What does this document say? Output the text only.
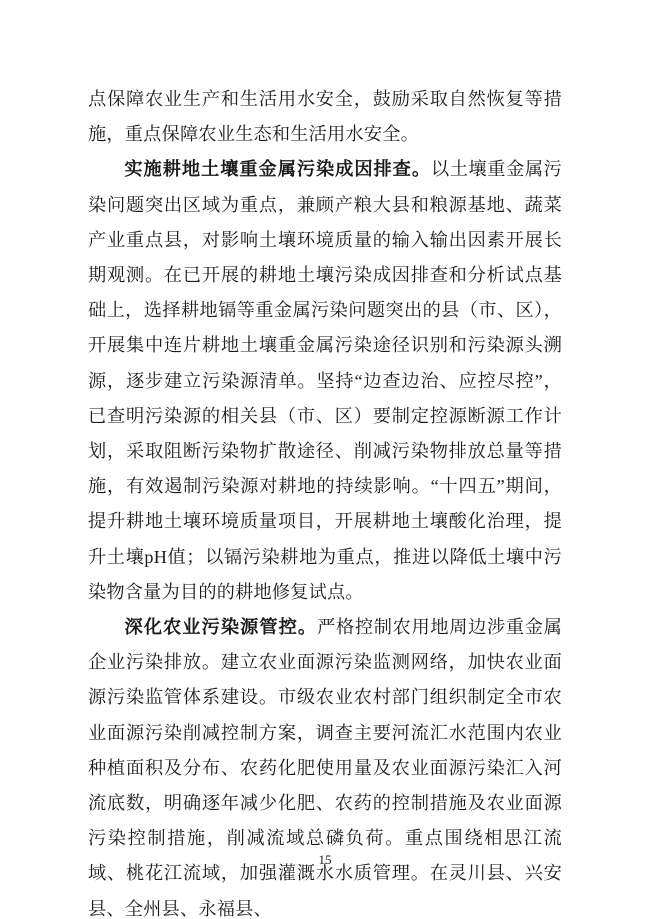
点保障农业生产和生活用水安全，鼓励采取自然恢复等措施，重点保障农业生态和生活用水安全。

实施耕地土壤重金属污染成因排查。以土壤重金属污染问题突出区域为重点，兼顾产粮大县和粮源基地、蔬菜产业重点县，对影响土壤环境质量的输入输出因素开展长期观测。在已开展的耕地土壤污染成因排查和分析试点基础上，选择耕地镉等重金属污染问题突出的县（市、区），开展集中连片耕地土壤重金属污染途径识别和污染源头溯源，逐步建立污染源清单。坚持“边查边治、应控尽控”，已查明污染源的相关县（市、区）要制定控源断源工作计划，采取阻断污染物扩散途径、削减污染物排放总量等措施，有效遏制污染源对耕地的持续影响。“十四五”期间，提升耕地土壤环境质量项目，开展耕地土壤酸化治理，提升土壤pH值；以镉污染耕地为重点，推进以降低土壤中污染物含量为目的的耕地修复试点。

深化农业污染源管控。严格控制农用地周边涉重金属企业污染排放。建立农业面源污染监测网络，加快农业面源污染监管体系建设。市级农业农村部门组织制定全市农业面源污染削减控制方案，调查主要河流汇水范围内农业种植面积及分布、农药化肥使用量及农业面源污染汇入河流底数，明确逐年减少化肥、农药的控制措施及农业面源污染控制措施，削减流域总磷负荷。重点围绕相思江流域、桃花江流域，加强灌溉水水质管理。在灵川县、兴安县、全州县、永福县、

15
